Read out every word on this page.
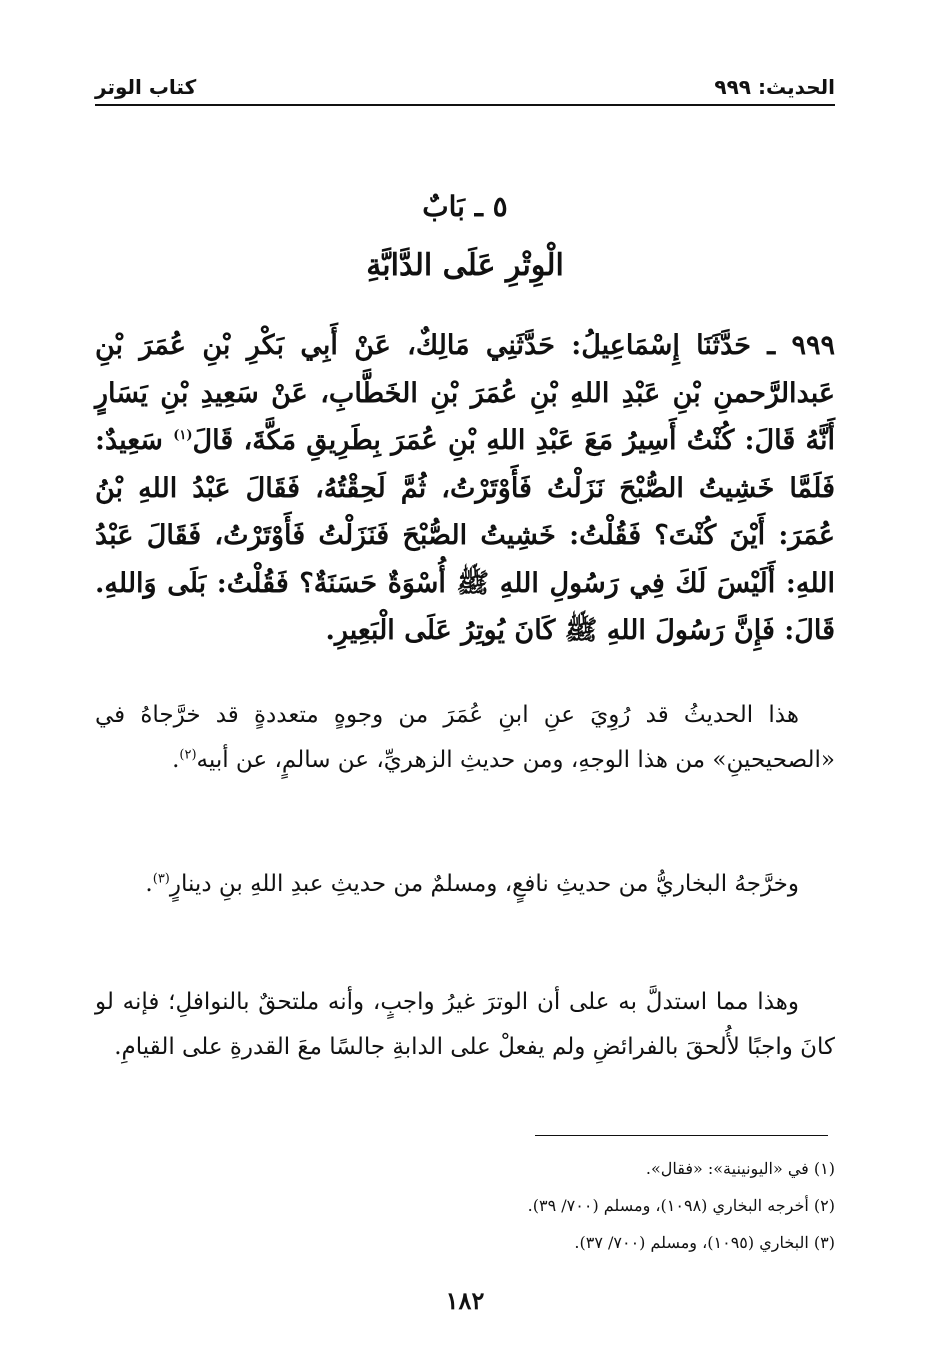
الحديث: ٩٩٩
كتاب الوتر
٥ ـ بَابٌ
الْوِتْرِ عَلَى الدَّابَّةِ

٩٩٩ ـ حَدَّثَنَا إِسْمَاعِيلُ: حَدَّثَنِي مَالِكٌ، عَنْ أَبِي بَكْرِ بْنِ عُمَرَ بْنِ عَبدالرَّحمنِ بْنِ عَبْدِ اللهِ بْنِ عُمَرَ بْنِ الخَطَّابِ، عَنْ سَعِيدِ بْنِ يَسَارٍ أَنَّهُ قَالَ: كُنْتُ أَسِيرُ مَعَ عَبْدِ اللهِ بْنِ عُمَرَ بِطَرِيقِ مَكَّةَ، قَالَ$^{(١)}$ سَعِيدٌ: فَلَمَّا خَشِيتُ الصُّبْحَ نَزَلْتُ فَأَوْتَرْتُ، ثُمَّ لَحِقْتُهُ، فَقَالَ عَبْدُ اللهِ بْنُ عُمَرَ: أَيْنَ كُنْتَ؟ فَقُلْتُ: خَشِيتُ الصُّبْحَ فَنَزَلْتُ فَأَوْتَرْتُ، فَقَالَ عَبْدُ اللهِ: أَلَيْسَ لَكَ فِي رَسُولِ اللهِ ﷺ أُسْوَةٌ حَسَنَةٌ؟ فَقُلْتُ: بَلَى وَاللهِ. قَالَ: فَإِنَّ رَسُولَ اللهِ ﷺ كَانَ يُوتِرُ عَلَى الْبَعِيرِ.

هذا الحديثُ قد رُوِيَ عنِ ابنِ عُمَرَ من وجوهٍ متعددةٍ قد خرَّجاهُ في «الصحيحينِ» من هذا الوجهِ، ومن حديثِ الزهريِّ، عن سالمٍ، عن أبيه$^{(٢)}$.

وخرَّجهُ البخاريُّ من حديثِ نافعٍ، ومسلمٌ من حديثِ عبدِ اللهِ بنِ دينارٍ$^{(٣)}$.

وهذا مما استدلَّ به على أن الوترَ غيرُ واجبٍ، وأنه ملتحقٌ بالنوافلِ؛ فإنه لو كانَ واجبًا لأُلحقَ بالفرائضِ ولم يفعلْ على الدابةِ جالسًا معَ القدرةِ على القيامِ.

(١) في «اليونينية»: «فقال».
(٢) أخرجه البخاري (١٠٩٨)، ومسلم (٧٠٠/ ٣٩).
(٣) البخاري (١٠٩٥)، ومسلم (٧٠٠/ ٣٧).
١٨٢
